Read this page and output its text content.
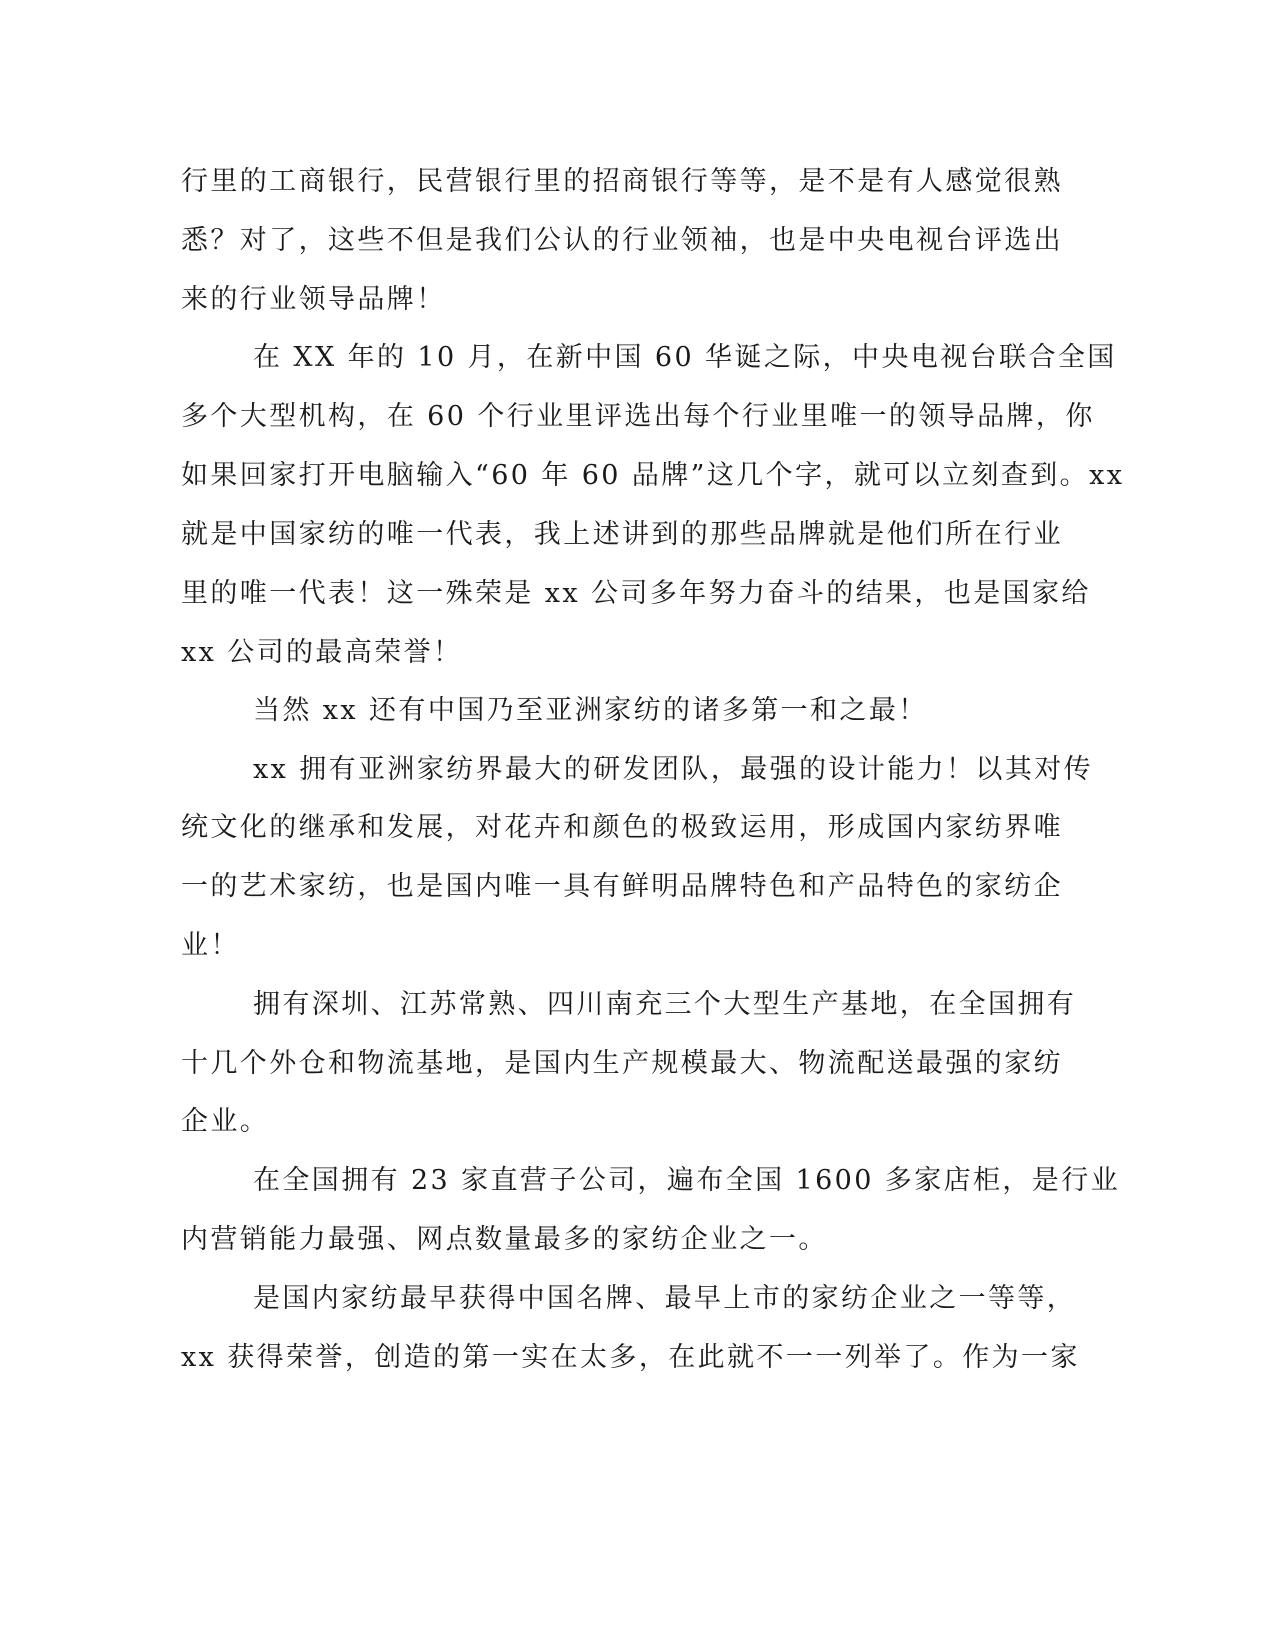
行里的工商银行，民营银行里的招商银行等等，是不是有人感觉很熟
悉？对了，这些不但是我们公认的行业领袖，也是中央电视台评选出
来的行业领导品牌！
在 XX 年的 10 月，在新中国 60 华诞之际，中央电视台联合全国
多个大型机构，在 60 个行业里评选出每个行业里唯一的领导品牌，你
如果回家打开电脑输入“60 年 60 品牌”这几个字，就可以立刻查到。xx
就是中国家纺的唯一代表，我上述讲到的那些品牌就是他们所在行业
里的唯一代表！这一殊荣是 xx 公司多年努力奋斗的结果，也是国家给
xx 公司的最高荣誉！
当然 xx 还有中国乃至亚洲家纺的诸多第一和之最！
xx 拥有亚洲家纺界最大的研发团队，最强的设计能力！以其对传
统文化的继承和发展，对花卉和颜色的极致运用，形成国内家纺界唯
一的艺术家纺，也是国内唯一具有鲜明品牌特色和产品特色的家纺企
业！
拥有深圳、江苏常熟、四川南充三个大型生产基地，在全国拥有
十几个外仓和物流基地，是国内生产规模最大、物流配送最强的家纺
企业。
在全国拥有 23 家直营子公司，遍布全国 1600 多家店柜，是行业
内营销能力最强、网点数量最多的家纺企业之一。
是国内家纺最早获得中国名牌、最早上市的家纺企业之一等等，
xx 获得荣誉，创造的第一实在太多，在此就不一一列举了。作为一家
